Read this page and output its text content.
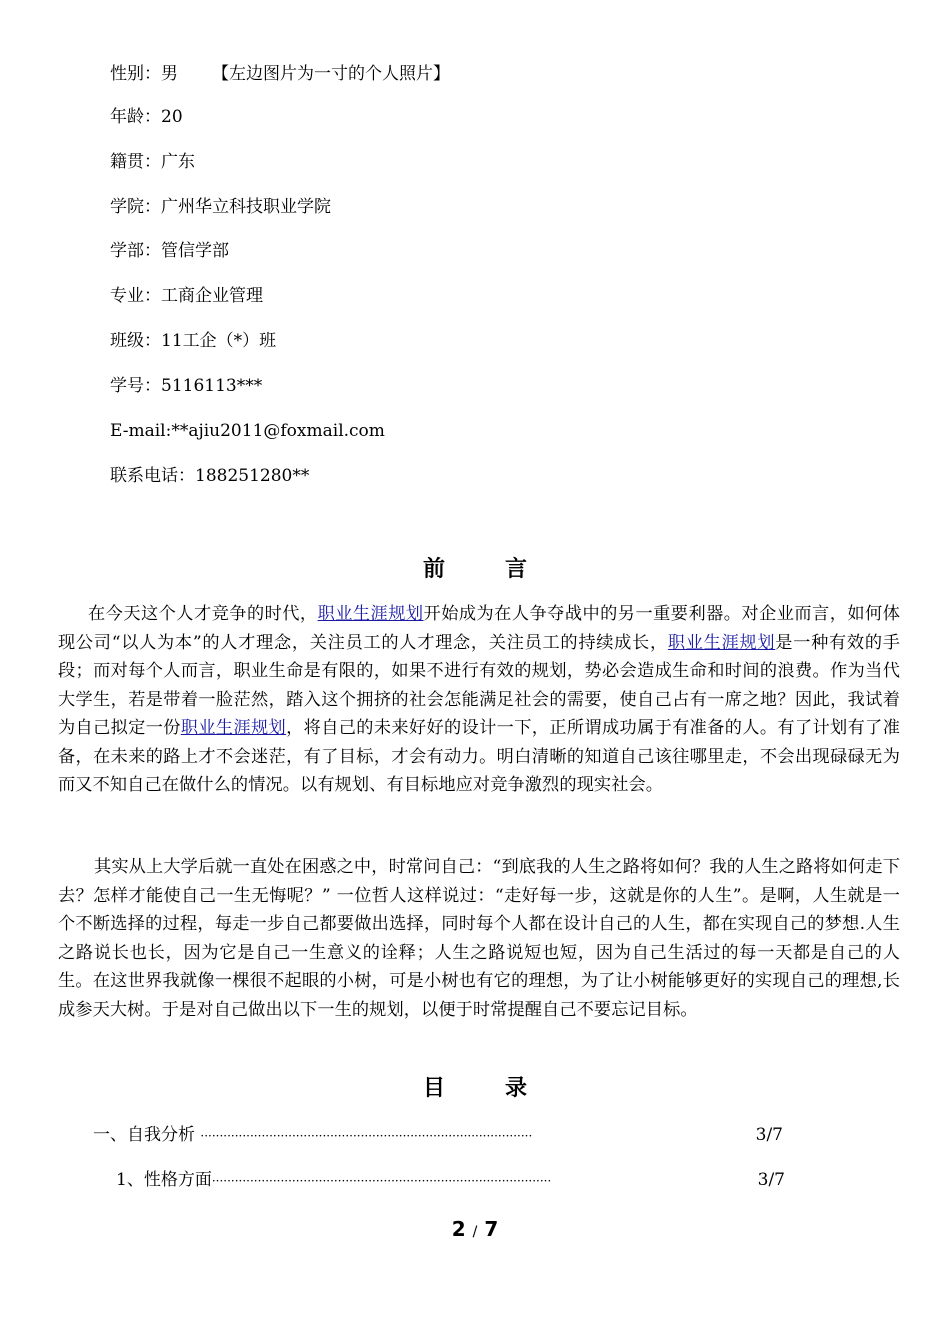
性别：男 【左边图片为一寸的个人照片】
年龄：20
籍贯：广东
学院：广州华立科技职业学院
学部：管信学部
专业：工商企业管理
班级：11工企（*）班
学号：5116113***
E-mail:**ajiu2011@foxmail.com
联系电话：188251280**
前	言
在今天这个人才竞争的时代，职业生涯规划开始成为在人争夺战中的另一重要利器。对企业而言，如何体现公司“以人为本”的人才理念，关注员工的人才理念，关注员工的持续成长，职业生涯规划是一种有效的手段；而对每个人而言，职业生命是有限的，如果不进行有效的规划，势必会造成生命和时间的浪费。作为当代大学生，若是带着一脸茫然，踏入这个拥挤的社会怎能满足社会的需要，使自己占有一席之地？因此，我试着为自己拟定一份职业生涯规划，将自己的未来好好的设计一下，正所谓成功属于有准备的人。有了计划有了准备，在未来的路上才不会迷茫，有了目标，才会有动力。明白清晰的知道自己该往哪里走，不会出现碌碌无为而又不知自己在做什么的情况。以有规划、有目标地应对竞争激烈的现实社会。
其实从上大学后就一直处在困惑之中，时常问自己：“到底我的人生之路将如何？我的人生之路将如何走下去？怎样才能使自己一生无悔呢？” 一位哲人这样说过：“走好每一步，这就是你的人生”。是啊，人生就是一个不断选择的过程，每走一步自己都要做出选择，同时每个人都在设计自己的人生，都在实现自己的梦想.人生之路说长也长，因为它是自己一生意义的诠释；人生之路说短也短，因为自己生活过的每一天都是自己的人生。在这世界我就像一棵很不起眼的小树，可是小树也有它的理想，为了让小树能够更好的实现自己的理想,长成参天大树。于是对自己做出以下一生的规划，以便于时常提醒自己不要忘记目标。
目	录
一、自我分析 ·······················································································	3/7
1、性格方面·························································································	3/7
2 / 7
